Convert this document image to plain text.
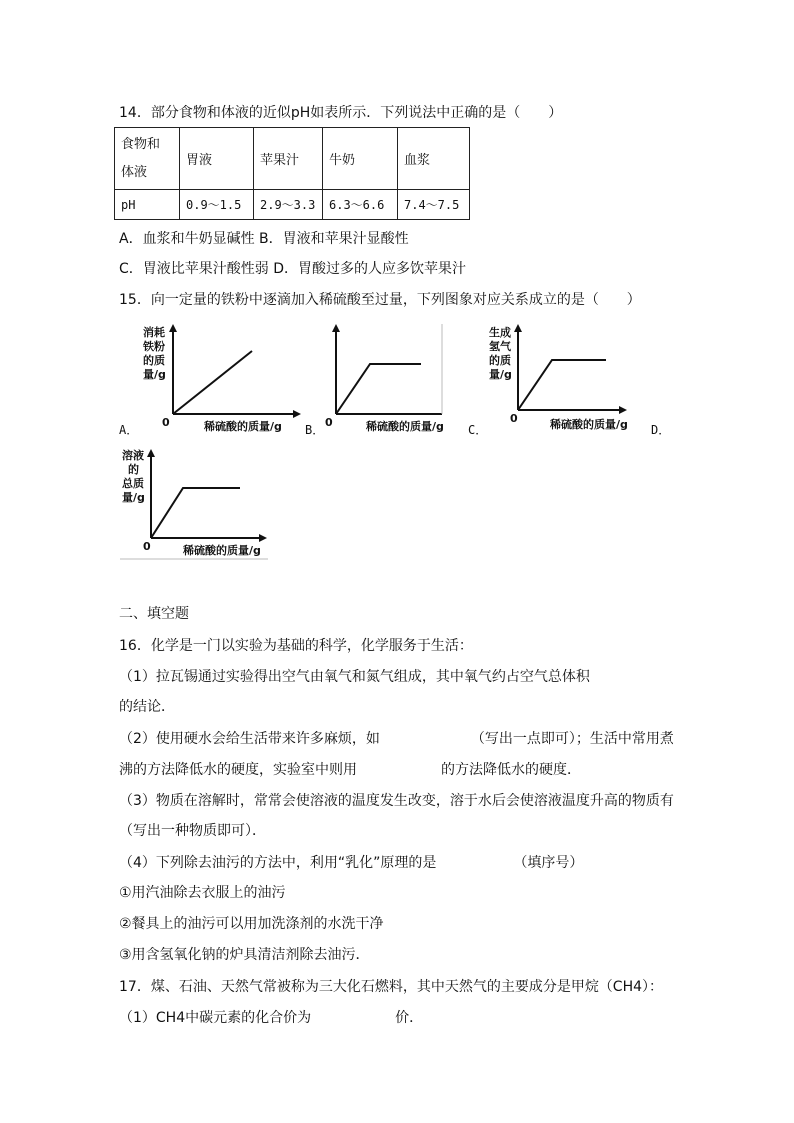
14．部分食物和体液的近似pH如表所示．下列说法中正确的是（　　）
食物和
体液	胃液	苹果汁	牛奶	血浆
pH	0.9～1.5	2.9～3.3	6.3～6.6	7.4～7.5
A．血浆和牛奶显碱性 B．胃液和苹果汁显酸性
C．胃液比苹果汁酸性弱 D．胃酸过多的人应多饮苹果汁
15．向一定量的铁粉中逐滴加入稀硫酸至过量，下列图象对应关系成立的是（　　）
消耗
铁粉
的质
量/g
0	稀硫酸的质量/g
A．
0	稀硫酸的质量/g
B．
生成
氢气
的质
量/g
0	稀硫酸的质量/g
C．	D．
溶液
的
总质
量/g
0	稀硫酸的质量/g
二、填空题
16．化学是一门以实验为基础的科学，化学服务于生活：
（1）拉瓦锡通过实验得出空气由氧气和氮气组成，其中氧气约占空气总体积
的结论．
（2）使用硬水会给生活带来许多麻烦，如　　　　　　　（写出一点即可）；生活中常用煮
沸的方法降低水的硬度，实验室中则用　　　　　　的方法降低水的硬度．
（3）物质在溶解时，常常会使溶液的温度发生改变，溶于水后会使溶液温度升高的物质有
（写出一种物质即可）．
（4）下列除去油污的方法中，利用“乳化”原理的是　　　　　　（填序号）
①用汽油除去衣服上的油污
②餐具上的油污可以用加洗涤剂的水洗干净
③用含氢氧化钠的炉具清洁剂除去油污．
17．煤、石油、天然气常被称为三大化石燃料，其中天然气的主要成分是甲烷（CH4）：
（1）CH4中碳元素的化合价为　　　　　　价．
